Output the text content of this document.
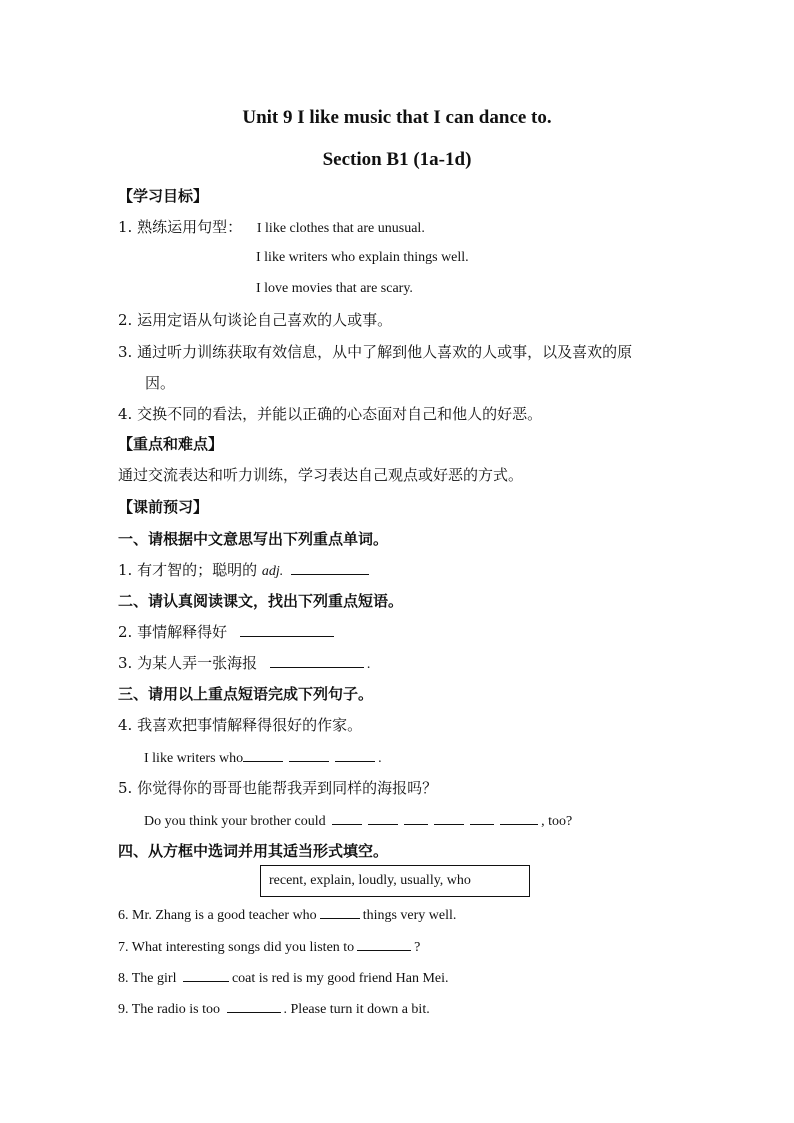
Unit 9 I like music that I can dance to.
Section B1 (1a-1d)
【学习目标】
1. 熟练运用句型： I like clothes that are unusual.
I like writers who explain things well.
I love movies that are scary.
2. 运用定语从句谈论自己喜欢的人或事。
3. 通过听力训练获取有效信息，从中了解到他人喜欢的人或事，以及喜欢的原
因。
4. 交换不同的看法，并能以正确的心态面对自己和他人的好恶。
【重点和难点】
通过交流表达和听力训练，学习表达自己观点或好恶的方式。
【课前预习】
一、请根据中文意思写出下列重点单词。
1. 有才智的；聪明的 adj.
二、请认真阅读课文，找出下列重点短语。
2. 事情解释得好
3. 为某人弄一张海报	.
三、请用以上重点短语完成下列句子。
4. 我喜欢把事情解释得很好的作家。
I like writers who	.
5. 你觉得你的哥哥也能帮我弄到同样的海报吗？
Do you think your brother could	, too?
四、从方框中选词并用其适当形式填空。
recent, explain, loudly, usually, who
6. Mr. Zhang is a good teacher who	things very well.
7. What interesting songs did you listen to	?
8. The girl	coat is red is my good friend Han Mei.
9. The radio is too	. Please turn it down a bit.
